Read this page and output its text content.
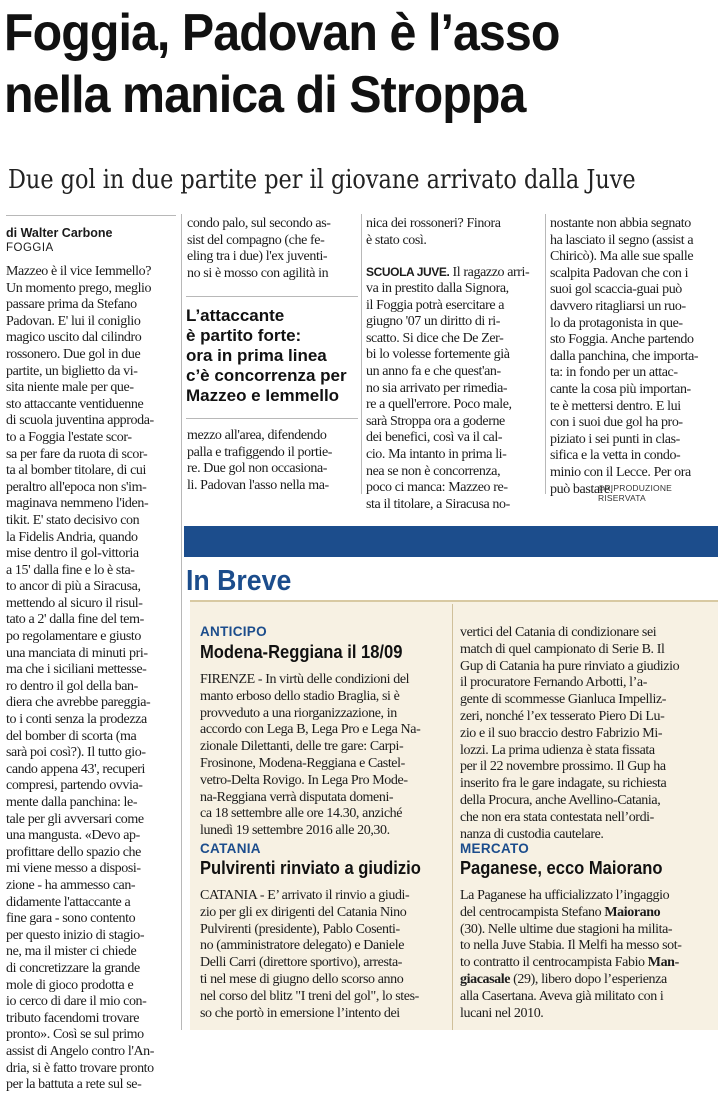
Foggia, Padovan è l’asso
nella manica di Stroppa
Due gol in due partite per il giovane arrivato dalla Juve
di Walter Carbone
FOGGIA
Mazzeo è il vice Iemmello?
Un momento prego, meglio
passare prima da Stefano
Padovan. E' lui il coniglio
magico uscito dal cilindro
rossonero. Due gol in due
partite, un biglietto da vi-
sita niente male per que-
sto attaccante ventiduenne
di scuola juventina approda-
to a Foggia l'estate scor-
sa per fare da ruota di scor-
ta al bomber titolare, di cui
peraltro all'epoca non s'im-
maginava nemmeno l'iden-
tikit. E' stato decisivo con
la Fidelis Andria, quando
mise dentro il gol-vittoria
a 15' dalla fine e lo è sta-
to ancor di più a Siracusa,
mettendo al sicuro il risul-
tato a 2' dalla fine del tem-
po regolamentare e giusto
una manciata di minuti pri-
ma che i siciliani mettesse-
ro dentro il gol della ban-
diera che avrebbe pareggia-
to i conti senza la prodezza
del bomber di scorta (ma
sarà poi così?). Il tutto gio-
cando appena 43', recuperi
compresi, partendo ovvia-
mente dalla panchina: le-
tale per gli avversari come
una mangusta. «Devo ap-
profittare dello spazio che
mi viene messo a disposi-
zione - ha ammesso can-
didamente l'attaccante a
fine gara - sono contento
per questo inizio di stagio-
ne, ma il mister ci chiede
di concretizzare la grande
mole di gioco prodotta e
io cerco di dare il mio con-
tributo facendomi trovare
pronto». Così se sul primo
assist di Angelo contro l'An-
dria, si è fatto trovare pronto
per la battuta a rete sul se-
condo palo, sul secondo as-
sist del compagno (che fe-
eling tra i due) l'ex juventi-
no si è mosso con agilità in
L’attaccante
è partito forte:
ora in prima linea
c’è concorrenza per
Mazzeo e Iemmello
mezzo all'area, difendendo
palla e trafiggendo il portie-
re. Due gol non occasiona-
li. Padovan l'asso nella ma-
nica dei rossoneri? Finora
è stato così.
SCUOLA JUVE. Il ragazzo arri-
va in prestito dalla Signora,
il Foggia potrà esercitare a
giugno '07 un diritto di ri-
scatto. Si dice che De Zer-
bi lo volesse fortemente già
un anno fa e che quest'an-
no sia arrivato per rimedia-
re a quell'errore. Poco male,
sarà Stroppa ora a goderne
dei benefici, così va il cal-
cio. Ma intanto in prima li-
nea se non è concorrenza,
poco ci manca: Mazzeo re-
sta il titolare, a Siracusa no-
nostante non abbia segnato
ha lasciato il segno (assist a
Chiricò). Ma alle sue spalle
scalpita Padovan che con i
suoi gol scaccia-guai può
davvero ritagliarsi un ruo-
lo da protagonista in que-
sto Foggia. Anche partendo
dalla panchina, che importa-
ta: in fondo per un attac-
cante la cosa più importan-
te è mettersi dentro. E lui
con i suoi due gol ha pro-
piziato i sei punti in clas-
sifica e la vetta in condo-
minio con il Lecce. Per ora
può bastare.
©RIPRODUZIONE RISERVATA
In Breve
ANTICIPO
Modena-Reggiana il 18/09
FIRENZE - In virtù delle condizioni del
manto erboso dello stadio Braglia, si è
provveduto a una riorganizzazione, in
accordo con Lega B, Lega Pro e Lega Na-
zionale Dilettanti, delle tre gare: Carpi-
Frosinone, Modena-Reggiana e Castel-
vetro-Delta Rovigo. In Lega Pro Mode-
na-Reggiana verrà disputata domeni-
ca 18 settembre alle ore 14.30, anziché
lunedì 19 settembre 2016 alle 20,30.
CATANIA
Pulvirenti rinviato a giudizio
CATANIA - E’ arrivato il rinvio a giudi-
zio per gli ex dirigenti del Catania Nino
Pulvirenti (presidente), Pablo Cosenti-
no (amministratore delegato) e Daniele
Delli Carri (direttore sportivo), arresta-
ti nel mese di giugno dello scorso anno
nel corso del blitz "I treni del gol", lo stes-
so che portò in emersione l’intento dei
vertici del Catania di condizionare sei
match di quel campionato di Serie B. Il
Gup di Catania ha pure rinviato a giudizio
il procuratore Fernando Arbotti, l’a-
gente di scommesse Gianluca Impelliz-
zeri, nonché l’ex tesserato Piero Di Lu-
zio e il suo braccio destro Fabrizio Mi-
lozzi. La prima udienza è stata fissata
per il 22 novembre prossimo. Il Gup ha
inserito fra le gare indagate, su richiesta
della Procura, anche Avellino-Catania,
che non era stata contestata nell’ordi-
nanza di custodia cautelare.
MERCATO
Paganese, ecco Maiorano
La Paganese ha ufficializzato l’ingaggio
del centrocampista Stefano Maiorano
(30). Nelle ultime due stagioni ha milita-
to nella Juve Stabia. Il Melfi ha messo sot-
to contratto il centrocampista Fabio Man-
giacasale (29), libero dopo l’esperienza
alla Casertana. Aveva già militato con i
lucani nel 2010.
